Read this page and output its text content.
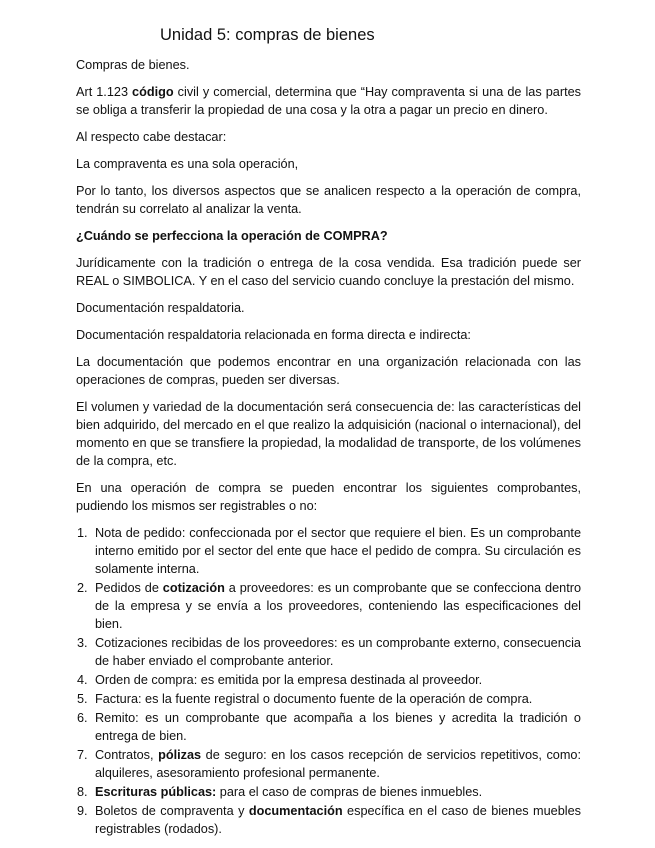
Unidad 5: compras de bienes

Compras de bienes.

Art 1.123 código civil y comercial, determina que “Hay compraventa si una de las partes se obliga a transferir la propiedad de una cosa y la otra a pagar un precio en dinero.

Al respecto cabe destacar:

La compraventa es una sola operación,

Por lo tanto, los diversos aspectos que se analicen respecto a la operación de compra, tendrán su correlato al analizar la venta.

¿Cuándo se perfecciona la operación de COMPRA?

Jurídicamente con la tradición o entrega de la cosa vendida. Esa tradición puede ser REAL o SIMBOLICA. Y en el caso del servicio cuando concluye la prestación del mismo.

Documentación respaldatoria.

Documentación respaldatoria relacionada en forma directa e indirecta:

La documentación que podemos encontrar en una organización relacionada con las operaciones de compras, pueden ser diversas.

El volumen y variedad de la documentación será consecuencia de: las características del bien adquirido, del mercado en el que realizo la adquisición (nacional o internacional), del momento en que se transfiere la propiedad, la modalidad de transporte, de los volúmenes de la compra, etc.

En una operación de compra se pueden encontrar los siguientes comprobantes, pudiendo los mismos ser registrables o no:

1. Nota de pedido: confeccionada por el sector que requiere el bien. Es un comprobante interno emitido por el sector del ente que hace el pedido de compra. Su circulación es solamente interna.
2. Pedidos de cotización a proveedores: es un comprobante que se confecciona dentro de la empresa y se envía a los proveedores, conteniendo las especificaciones del bien.
3. Cotizaciones recibidas de los proveedores: es un comprobante externo, consecuencia de haber enviado el comprobante anterior.
4. Orden de compra: es emitida por la empresa destinada al proveedor.
5. Factura: es la fuente registral o documento fuente de la operación de compra.
6. Remito: es un comprobante que acompaña a los bienes y acredita la tradición o entrega de bien.
7. Contratos, pólizas de seguro: en los casos recepción de servicios repetitivos, como: alquileres, asesoramiento profesional permanente.
8. Escrituras públicas: para el caso de compras de bienes inmuebles.
9. Boletos de compraventa y documentación específica en el caso de bienes muebles registrables (rodados).
